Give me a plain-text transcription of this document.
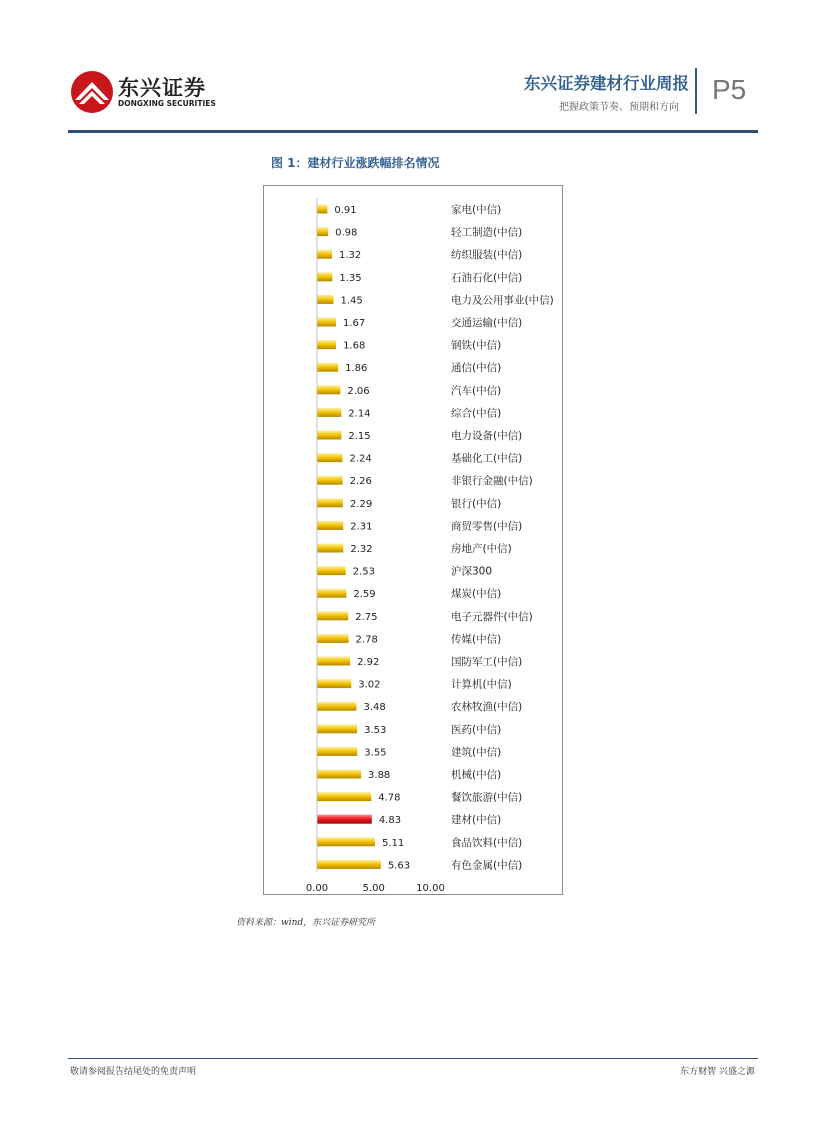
东兴证券
DONGXING SECURITIES
东兴证券建材行业周报
把握政策节奏、预期和方向
P5
图 1：建材行业涨跌幅排名情况
0.91	家电(中信)
0.98	轻工制造(中信)
1.32	纺织服装(中信)
1.35	石油石化(中信)
1.45	电力及公用事业(中信)
1.67	交通运输(中信)
1.68	钢铁(中信)
1.86	通信(中信)
2.06	汽车(中信)
2.14	综合(中信)
2.15	电力设备(中信)
2.24	基础化工(中信)
2.26	非银行金融(中信)
2.29	银行(中信)
2.31	商贸零售(中信)
2.32	房地产(中信)
2.53	沪深300
2.59	煤炭(中信)
2.75	电子元器件(中信)
2.78	传媒(中信)
2.92	国防军工(中信)
3.02	计算机(中信)
3.48	农林牧渔(中信)
3.53	医药(中信)
3.55	建筑(中信)
3.88	机械(中信)
4.78	餐饮旅游(中信)
4.83	建材(中信)
5.11	食品饮料(中信)
5.63	有色金属(中信)
0.00	5.00	10.00
资料来源：wind，东兴证券研究所
敬请参阅报告结尾处的免责声明	东方财智 兴盛之源
